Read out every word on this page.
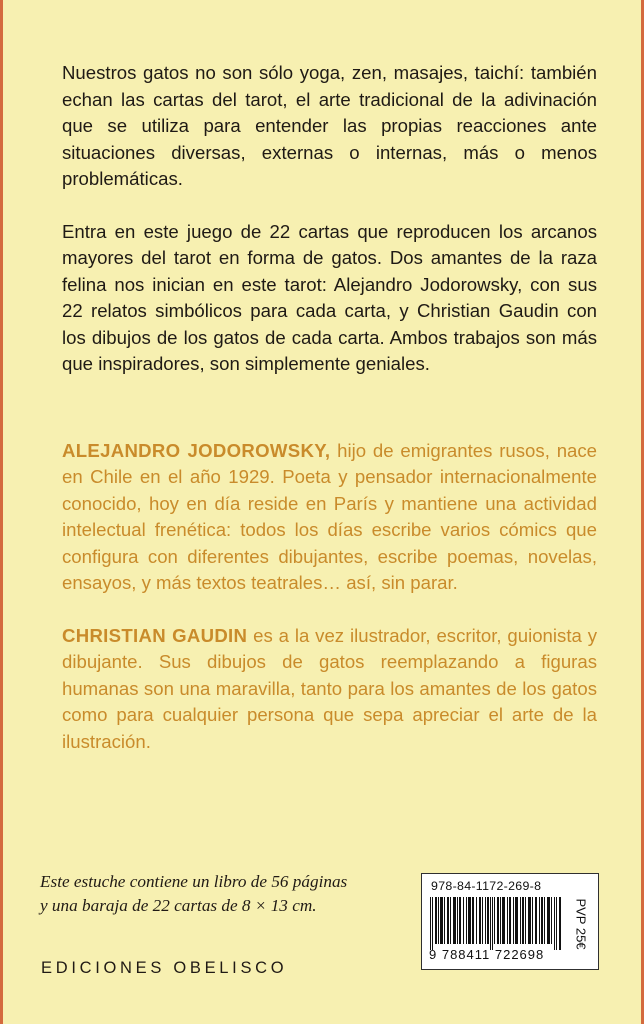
Nuestros gatos no son sólo yoga, zen, masajes, taichí: también echan las cartas del tarot, el arte tradicional de la adivinación que se utiliza para entender las propias reacciones ante situaciones diversas, externas o internas, más o menos problemáticas.

Entra en este juego de 22 cartas que reproducen los arcanos mayores del tarot en forma de gatos. Dos amantes de la raza felina nos inician en este tarot: Alejandro Jodorowsky, con sus 22 relatos simbólicos para cada carta, y Christian Gaudin con los dibujos de los gatos de cada carta. Ambos trabajos son más que inspiradores, son simplemente geniales.

ALEJANDRO JODOROWSKY, hijo de emigrantes rusos, nace en Chile en el año 1929. Poeta y pensador internacionalmente conocido, hoy en día reside en París y mantiene una actividad intelectual frenética: todos los días escribe varios cómics que configura con diferentes dibujantes, escribe poemas, novelas, ensayos, y más textos teatrales… así, sin parar.

CHRISTIAN GAUDIN es a la vez ilustrador, escritor, guionista y dibujante. Sus dibujos de gatos reemplazando a figuras humanas son una maravilla, tanto para los amantes de los gatos como para cualquier persona que sepa apreciar el arte de la ilustración.

Este estuche contiene un libro de 56 páginas
y una baraja de 22 cartas de 8 × 13 cm.
EDICIONES OBELISCO
978-84-1172-269-8
9 788411 722698
PVP 25€
